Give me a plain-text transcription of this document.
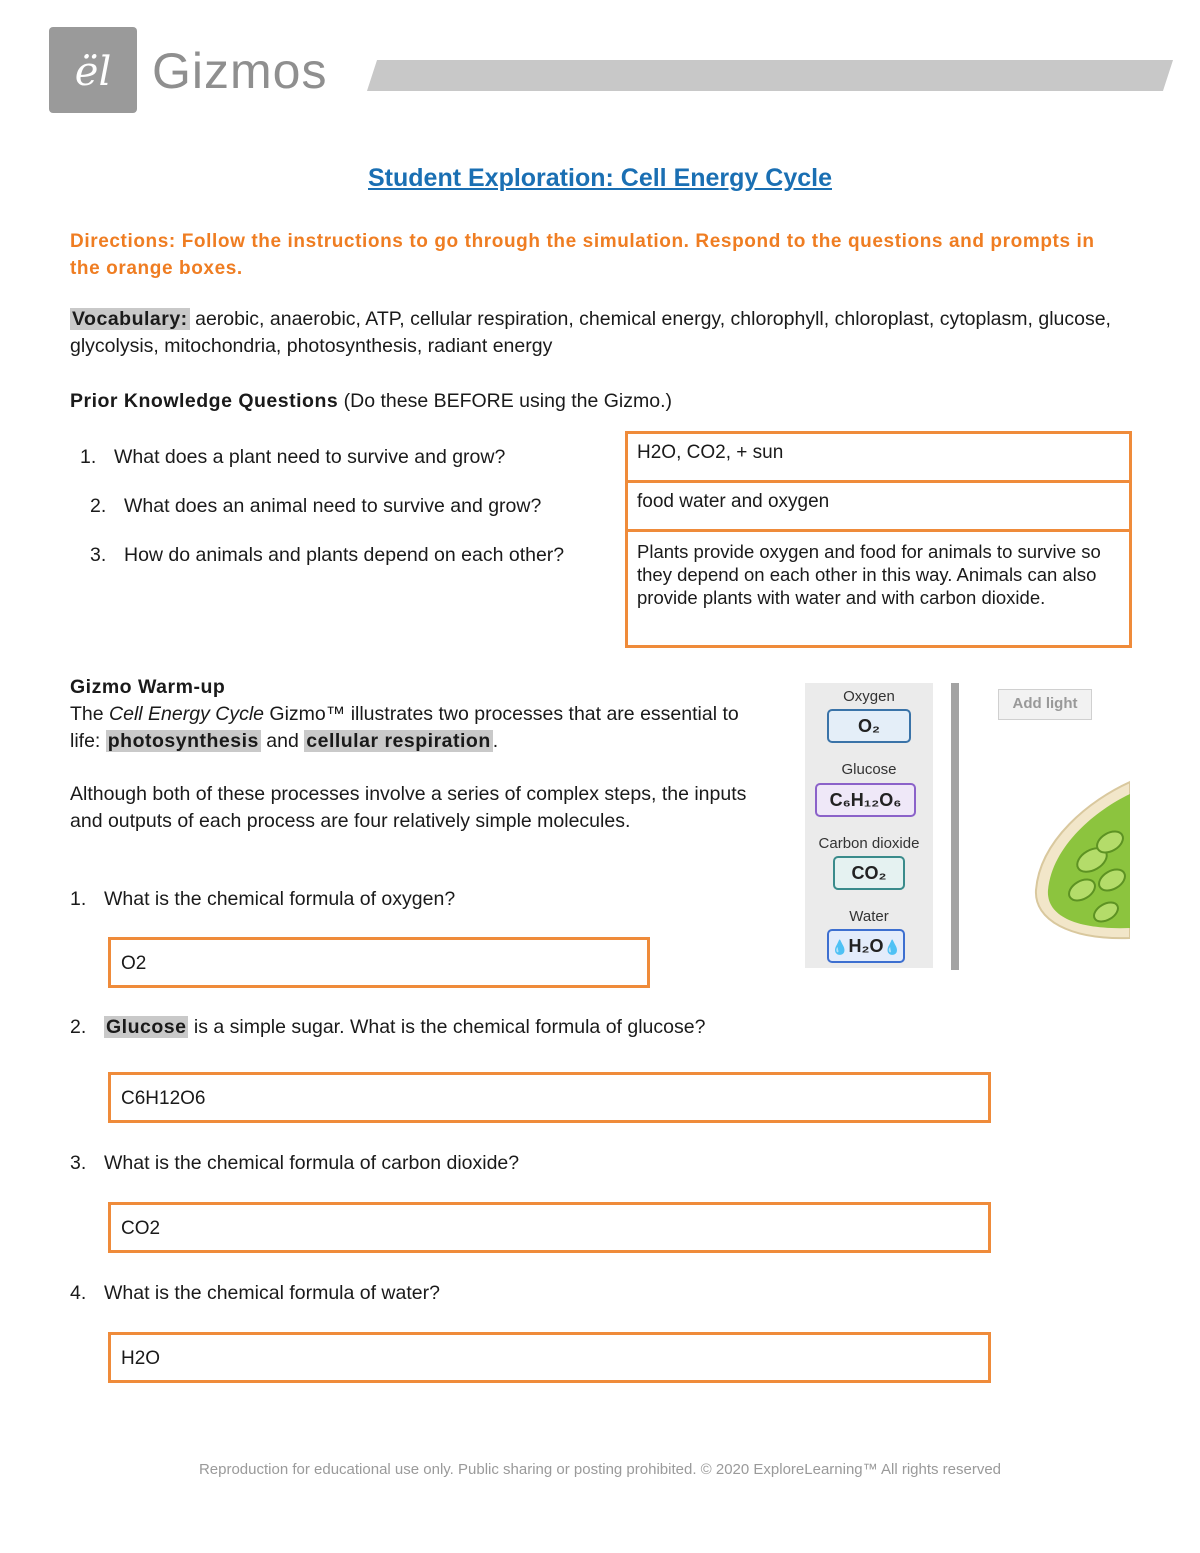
ël Gizmos
Student Exploration: Cell Energy Cycle
Directions: Follow the instructions to go through the simulation. Respond to the questions and prompts in the orange boxes.
Vocabulary: aerobic, anaerobic, ATP, cellular respiration, chemical energy, chlorophyll, chloroplast, cytoplasm, glucose, glycolysis, mitochondria, photosynthesis, radiant energy
Prior Knowledge Questions (Do these BEFORE using the Gizmo.)
1. What does a plant need to survive and grow?
2. What does an animal need to survive and grow?
3. How do animals and plants depend on each other?
H2O, CO2, + sun
food water and oxygen
Plants provide oxygen and food for animals to survive so they depend on each other in this way. Animals can also provide plants with water and with carbon dioxide.
Gizmo Warm-up
The Cell Energy Cycle Gizmo™ illustrates two processes that are essential to life: photosynthesis and cellular respiration .
Although both of these processes involve a series of complex steps, the inputs and outputs of each process are four relatively simple molecules.
1. What is the chemical formula of oxygen?
O2
2. Glucose is a simple sugar. What is the chemical formula of glucose?
C6H12O6
3. What is the chemical formula of carbon dioxide?
CO2
4. What is the chemical formula of water?
H2O
Oxygen
O₂
Glucose
C₆H₁₂O₆
Carbon dioxide
CO₂
Water
💧H₂O💧
Add light
Reproduction for educational use only. Public sharing or posting prohibited. © 2020 ExploreLearning™ All rights reserved
